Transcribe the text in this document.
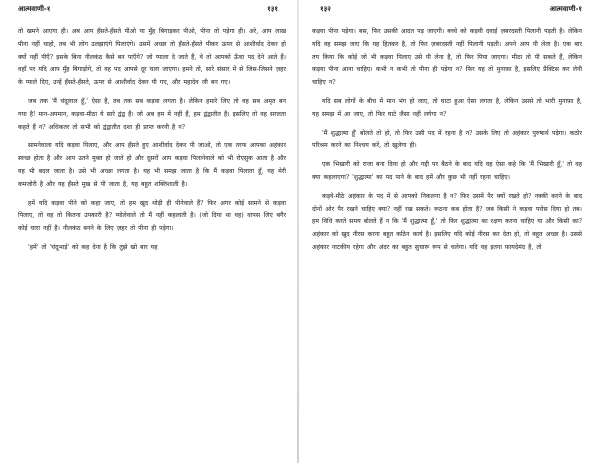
आत्मवाणी-१	१३१

तो खमने आएगा ही। अब आप हँसते-हँसते पीओ या मुँह बिगाड़कर पीओ, पीना तो पड़ेगा ही। अरे, आप लाख पीना नहीं चाहो, तब भी लोग उलझाएंगे पिलाएंगे। उसमें अच्छा तो हँसते-हँसते पीकर ऊपर से आशीर्वाद देकर हो क्यों नहीं पीएँ? इसके बिना नीलकंठ कैसे बन पाएँगे? जो प्याला दे जाते हैं, वे तो आपको ऊँचा पद देने आते हैं। वहाँ पर यदि आप मुँह बिगाड़ोगे, तो वह पद आपसे दूर चला जाएगा। हमने तो, सारे संसार में से जिस-जिसने ज़हर के प्याले दिए, उन्हें हँसते-हँसते, ऊपर से आशीर्वाद देकर पी गए, और महादेव जी बन गए।

जब तक 'मैं चंदूलाल हूँ,' ऐसा है, तब तक सब कड़वा लगता है। लेकिन हमारे लिए तो वह सब अमृत बन गया है! मान-अपमान, कड़वा-मीठा ये सारे द्वंद्व हैं। जो अब हम में नहीं हैं, हम द्वंद्वातीत हैं। इसलिए तो वह सरलता कहते हैं न? अधिकतर तो सभी को द्वंद्वातीत दशा ही प्राप्त करनी है न?

सामनेवाला यदि कड़वा पिलाए, और आप हँसते हुए आशीर्वाद देकर पी जाओ, तो एक तरफ आपका अहंकार स्वच्छ होता है और आप उतने मुक्त हो जाते हो और दूसरों आप कड़वा पिलानेवाले को भी रोएसुक आता है और वह भी बदल जाता है। उसे भी अच्छा लगता है। यह भी समझ जाता है कि मैं कड़वा पिलाता हूँ, यह मेरी कमजोरी है और यह हँसते मुख से पी जाता है, यह बहुत शक्तिशाली है।

हमें यदि कड़वा पीने को कहा जाए, तो हम खुद थोड़ी ही पीनेवाले हैं? फिर अगर कोई सामने से कड़वा पिलाए, तो वह तो कितना उपकारी है? प्योलेवाले तो मैं नहीं कहलाती है। (जो दिया था वह) वापस लिए बगैर कोई चारा नहीं है। नीलकंठ बनने के लिए ज़हर तो पीना ही पड़ेगा।

'हमें' तो 'चंदूभाई' को कह देना है कि तुझे खो बार यह

१३२	आत्मवाणी-१

कड़वा पीना पड़ेगा। बस, फिर उसकी आदत पड़ जाएगी। बच्चे को कड़वी दवाई ज़बरदस्ती पिलानी पड़ती है। लेकिन यदि वह समझ जाए कि यह हितकर है, तो फिर ज़बरदस्ती नहीं पिलानी पड़ती। अपने आप पी लेता है। एक बार तय किया कि कोई जो भी कड़वा पिलाए उसे पी लेना है, तो फिर पिया जाएगा। मीठा तो पी सकते हैं, लेकिन कड़वा पीना आना चाहिए। कभी न कभी तो पीना ही पड़ेगा न? फिर यह तो मुनाफ़ा है, इसलिए प्रैक्टिस कर लेनी चाहिए न?

यदि सब लोगों के बीच में मान भंग हो जाए, तो घाटा हुआ ऐसा लगता है, लेकिन उससे तो भारी मुनाफ़ा है, यह समझ में आ जाए, तो फिर घाटे जैसा नहीं लगेगा न?

'मैं शुद्धात्मा हूँ' बोलते तो हो, तो फिर उसी पद में रहना है न? उसके लिए तो अहंकार पुरुषार्थ पड़ेगा। कठोर परिश्रम करने का निश्चय करें, तो खुलेगा ही।

एक भिखारी को राजा बना दिया हो और गद्दी पर बैठने के बाद यदि वह ऐसा कहे कि 'मैं भिखारी हूँ,' तो वह क्या कहलाएगा? 'शुद्धात्मा' का पद पाने के बाद हमें और कुछ भी नहीं रहना चाहिए।

कड़वे-मीठे अहंकार के पद में से आपको निकलना है न? फिर उसमें पैर क्यों रखते हो? नक्की करने के बाद दोनों ओर पैर रखने चाहिए क्या? नहीं रख सकते। रूठना कब होता है? जब किसी ने कड़वा परोस दिया हो तब। हम विधि करते समय बोलते हैं न कि 'मैं शुद्धात्मा हूँ,' तो फिर शुद्धात्मा का रक्षण करना चाहिए या और किसी का? अहंकार को खुद नीरस करना बहुत कठिन कार्य है। इसलिए यदि कोई नीरस कर देता हो, तो बहुत अच्छा है। उससे अहंकार नाटकीय रहेगा और अंदर का बहुत सुचारू रूप से चलेगा। यदि वह इतना फ़ायदेमंद है, तो
